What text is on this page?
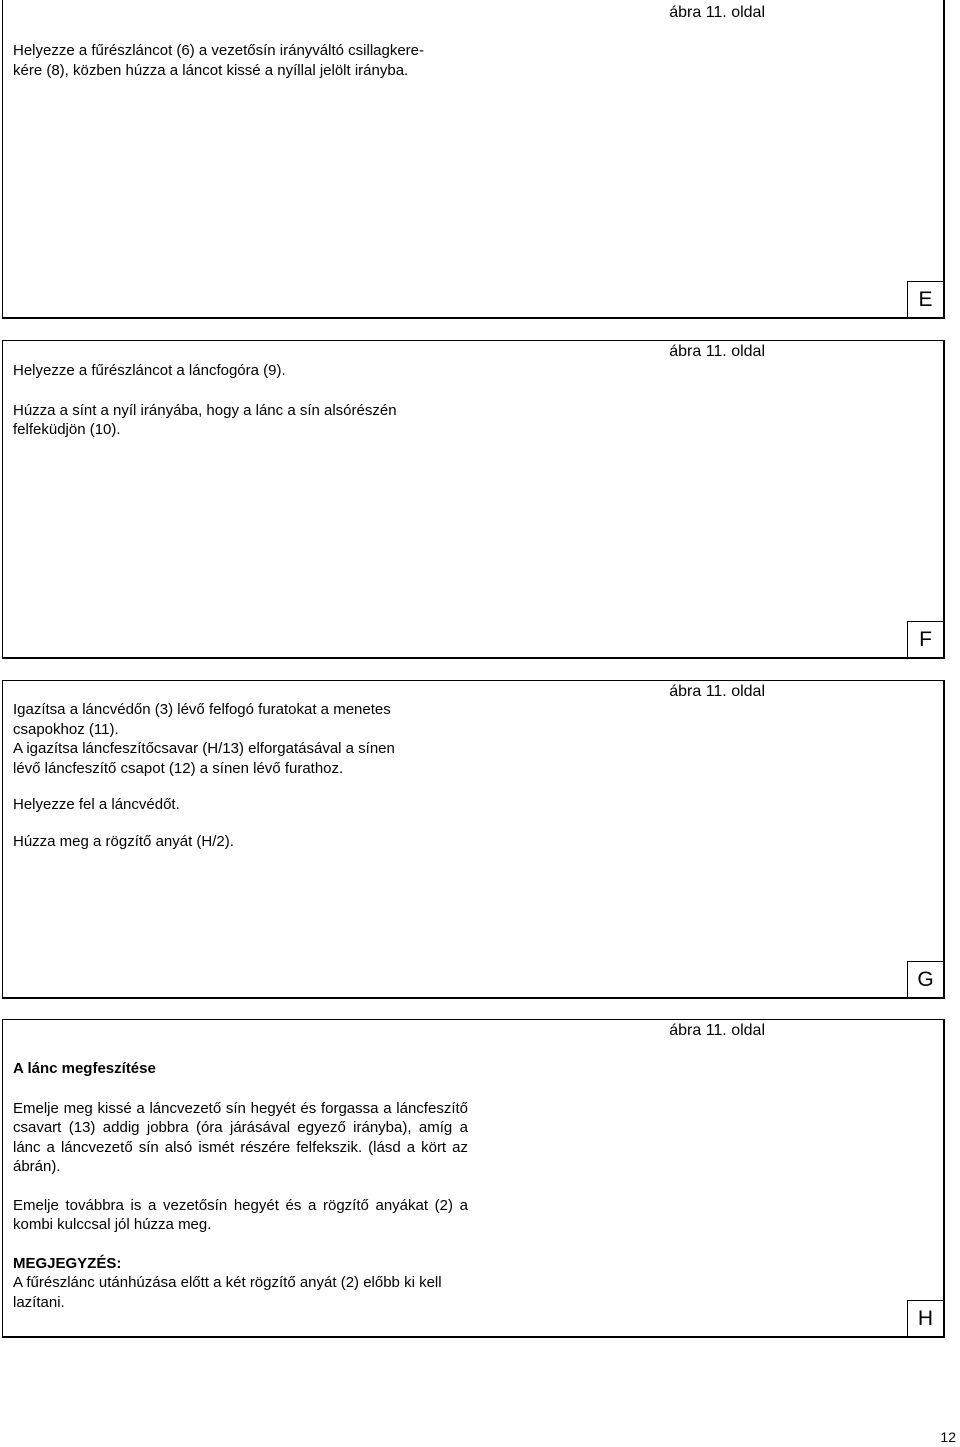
ábra 11. oldal

Helyezze a fűrészláncot (6) a vezetősín irányváltó csillagkere-

kére (8), közben húzza a láncot kissé a nyíllal jelölt irányba.

E
ábra 11. oldal

Helyezze a fűrészláncot a láncfogóra (9).

Húzza a sínt a nyíl irányába, hogy a lánc a sín alsórészén

felfeküdjön (10).

F
ábra 11. oldal

Igazítsa a láncvédőn (3) lévő felfogó furatokat a menetes

csapokhoz (11).

A igazítsa láncfeszítőcsavar (H/13) elforgatásával a sínen

lévő láncfeszítő csapot (12) a sínen lévő furathoz.

Helyezze fel a láncvédőt.

Húzza meg a rögzítő anyát (H/2).

G
ábra 11. oldal

A lánc megfeszítése

Emelje meg kissé a láncvezető sín hegyét és forgassa a láncfeszítő csavart (13) addig jobbra (óra járásával egyező irányba), amíg a lánc a láncvezető sín alsó ismét részére felfekszik. (lásd a kört az ábrán).

Emelje továbbra is a vezetősín hegyét és a rögzítő anyákat (2) a kombi kulccsal jól húzza meg.

MEGJEGYZÉS:

A fűrészlánc utánhúzása előtt a két rögzítő anyát (2) előbb ki kell lazítani.

H
12
